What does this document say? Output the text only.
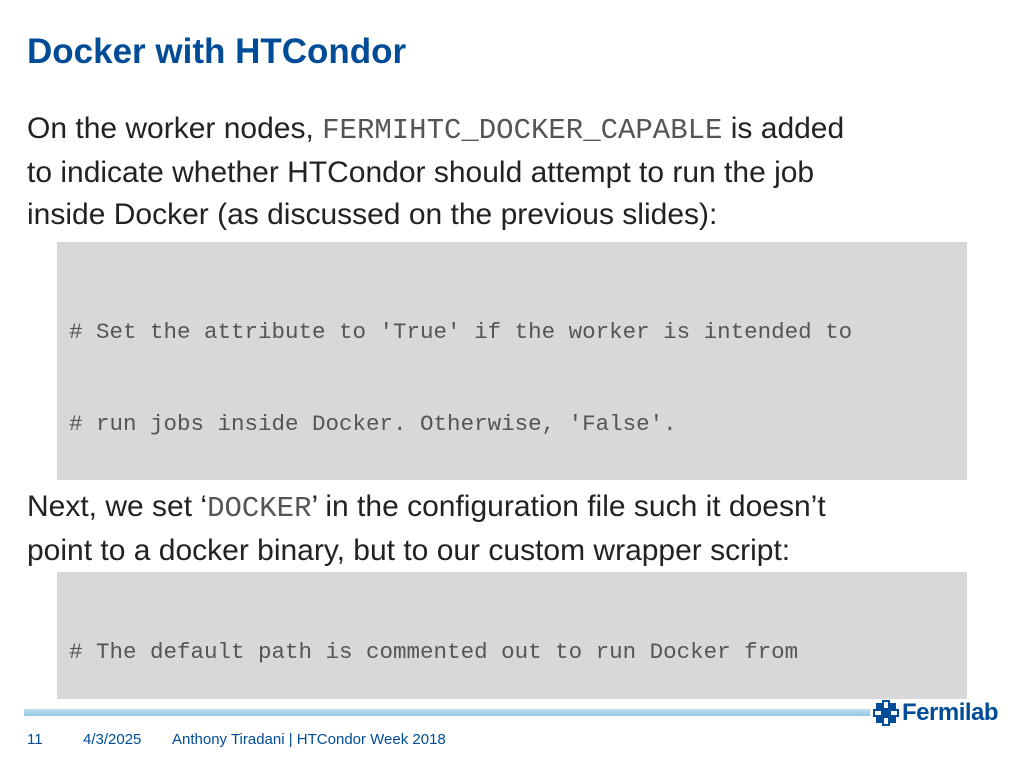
Docker with HTCondor
On the worker nodes, FERMIHTC_DOCKER_CAPABLE is added
to indicate whether HTCondor should attempt to run the job
inside Docker (as discussed on the previous slides):

# Set the attribute to 'True' if the worker is intended to

# run jobs inside Docker. Otherwise, 'False'.

Next, we set ‘DOCKER’ in the configuration file such it doesn’t
point to a docker binary, but to our custom wrapper script:

# The default path is commented out to run Docker from

Fermilab
11	4/3/2025 Anthony Tiradani | HTCondor Week 2018
